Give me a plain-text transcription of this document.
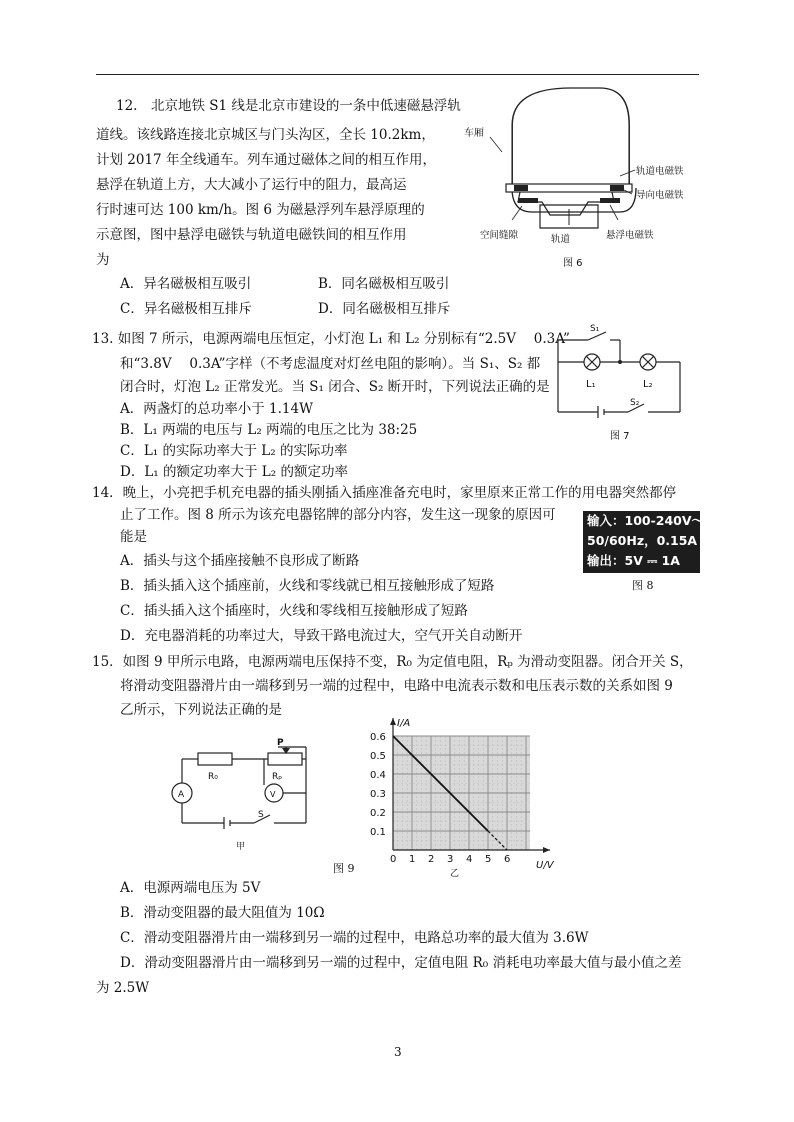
12.　北京地铁 S1 线是北京市建设的一条中低速磁悬浮轨
道线。该线路连接北京城区与门头沟区，全长 10.2km，
计划 2017 年全线通车。列车通过磁体之间的相互作用，
悬浮在轨道上方，大大减小了运行中的阻力，最高运
行时速可达 100 km/h。图 6 为磁悬浮列车悬浮原理的
示意图，图中悬浮电磁铁与轨道电磁铁间的相互作用
为
A．异名磁极相互吸引	B．同名磁极相互吸引
C．异名磁极相互排斥	D．同名磁极相互排斥
车厢
轨道电磁铁
导向电磁铁
空间缝隙	轨道	悬浮电磁铁
图 6
13. 如图 7 所示，电源两端电压恒定，小灯泡 L₁ 和 L₂ 分别标有“2.5V　 0.3A”
和“3.8V　 0.3A”字样（不考虑温度对灯丝电阻的影响）。当 S₁、S₂ 都
闭合时，灯泡 L₂ 正常发光。当 S₁ 闭合、S₂ 断开时，下列说法正确的是
A．两盏灯的总功率小于 1.14W
B．L₁ 两端的电压与 L₂ 两端的电压之比为 38:25
C．L₁ 的实际功率大于 L₂ 的实际功率
D．L₁ 的额定功率大于 L₂ 的额定功率
S₁
S₂
L₁	L₂
图 7
14．晚上，小亮把手机充电器的插头刚插入插座准备充电时，家里原来正常工作的用电器突然都停
止了工作。图 8 所示为该充电器铭牌的部分内容，发生这一现象的原因可
能是
A．插头与这个插座接触不良形成了断路
B．插头插入这个插座前，火线和零线就已相互接触形成了短路
C．插头插入这个插座时，火线和零线相互接触形成了短路
D．充电器消耗的功率过大，导致干路电流过大，空气开关自动断开
输入：100-240V～
50/60Hz，0.15A
输出：5V ⎓ 1A
图 8
15．如图 9 甲所示电路，电源两端电压保持不变，R₀ 为定值电阻，Rₚ 为滑动变阻器。闭合开关 S，
将滑动变阻器滑片由一端移到另一端的过程中，电路中电流表示数和电压表示数的关系如图 9
乙所示，下列说法正确的是
A．电源两端电压为 5V
B．滑动变阻器的最大阻值为 10Ω
C．滑动变阻器滑片由一端移到另一端的过程中，电路总功率的最大值为 3.6W
D．滑动变阻器滑片由一端移到另一端的过程中，定值电阻 R₀ 消耗电功率最大值与最小值之差
为 2.5W
P
R₀	Rₚ
A	V
S
甲
图 9
0 1 2 3 4 5 6
0.1
0.2
0.3
0.4
0.5
0.6
I/A
U/V
乙
3
